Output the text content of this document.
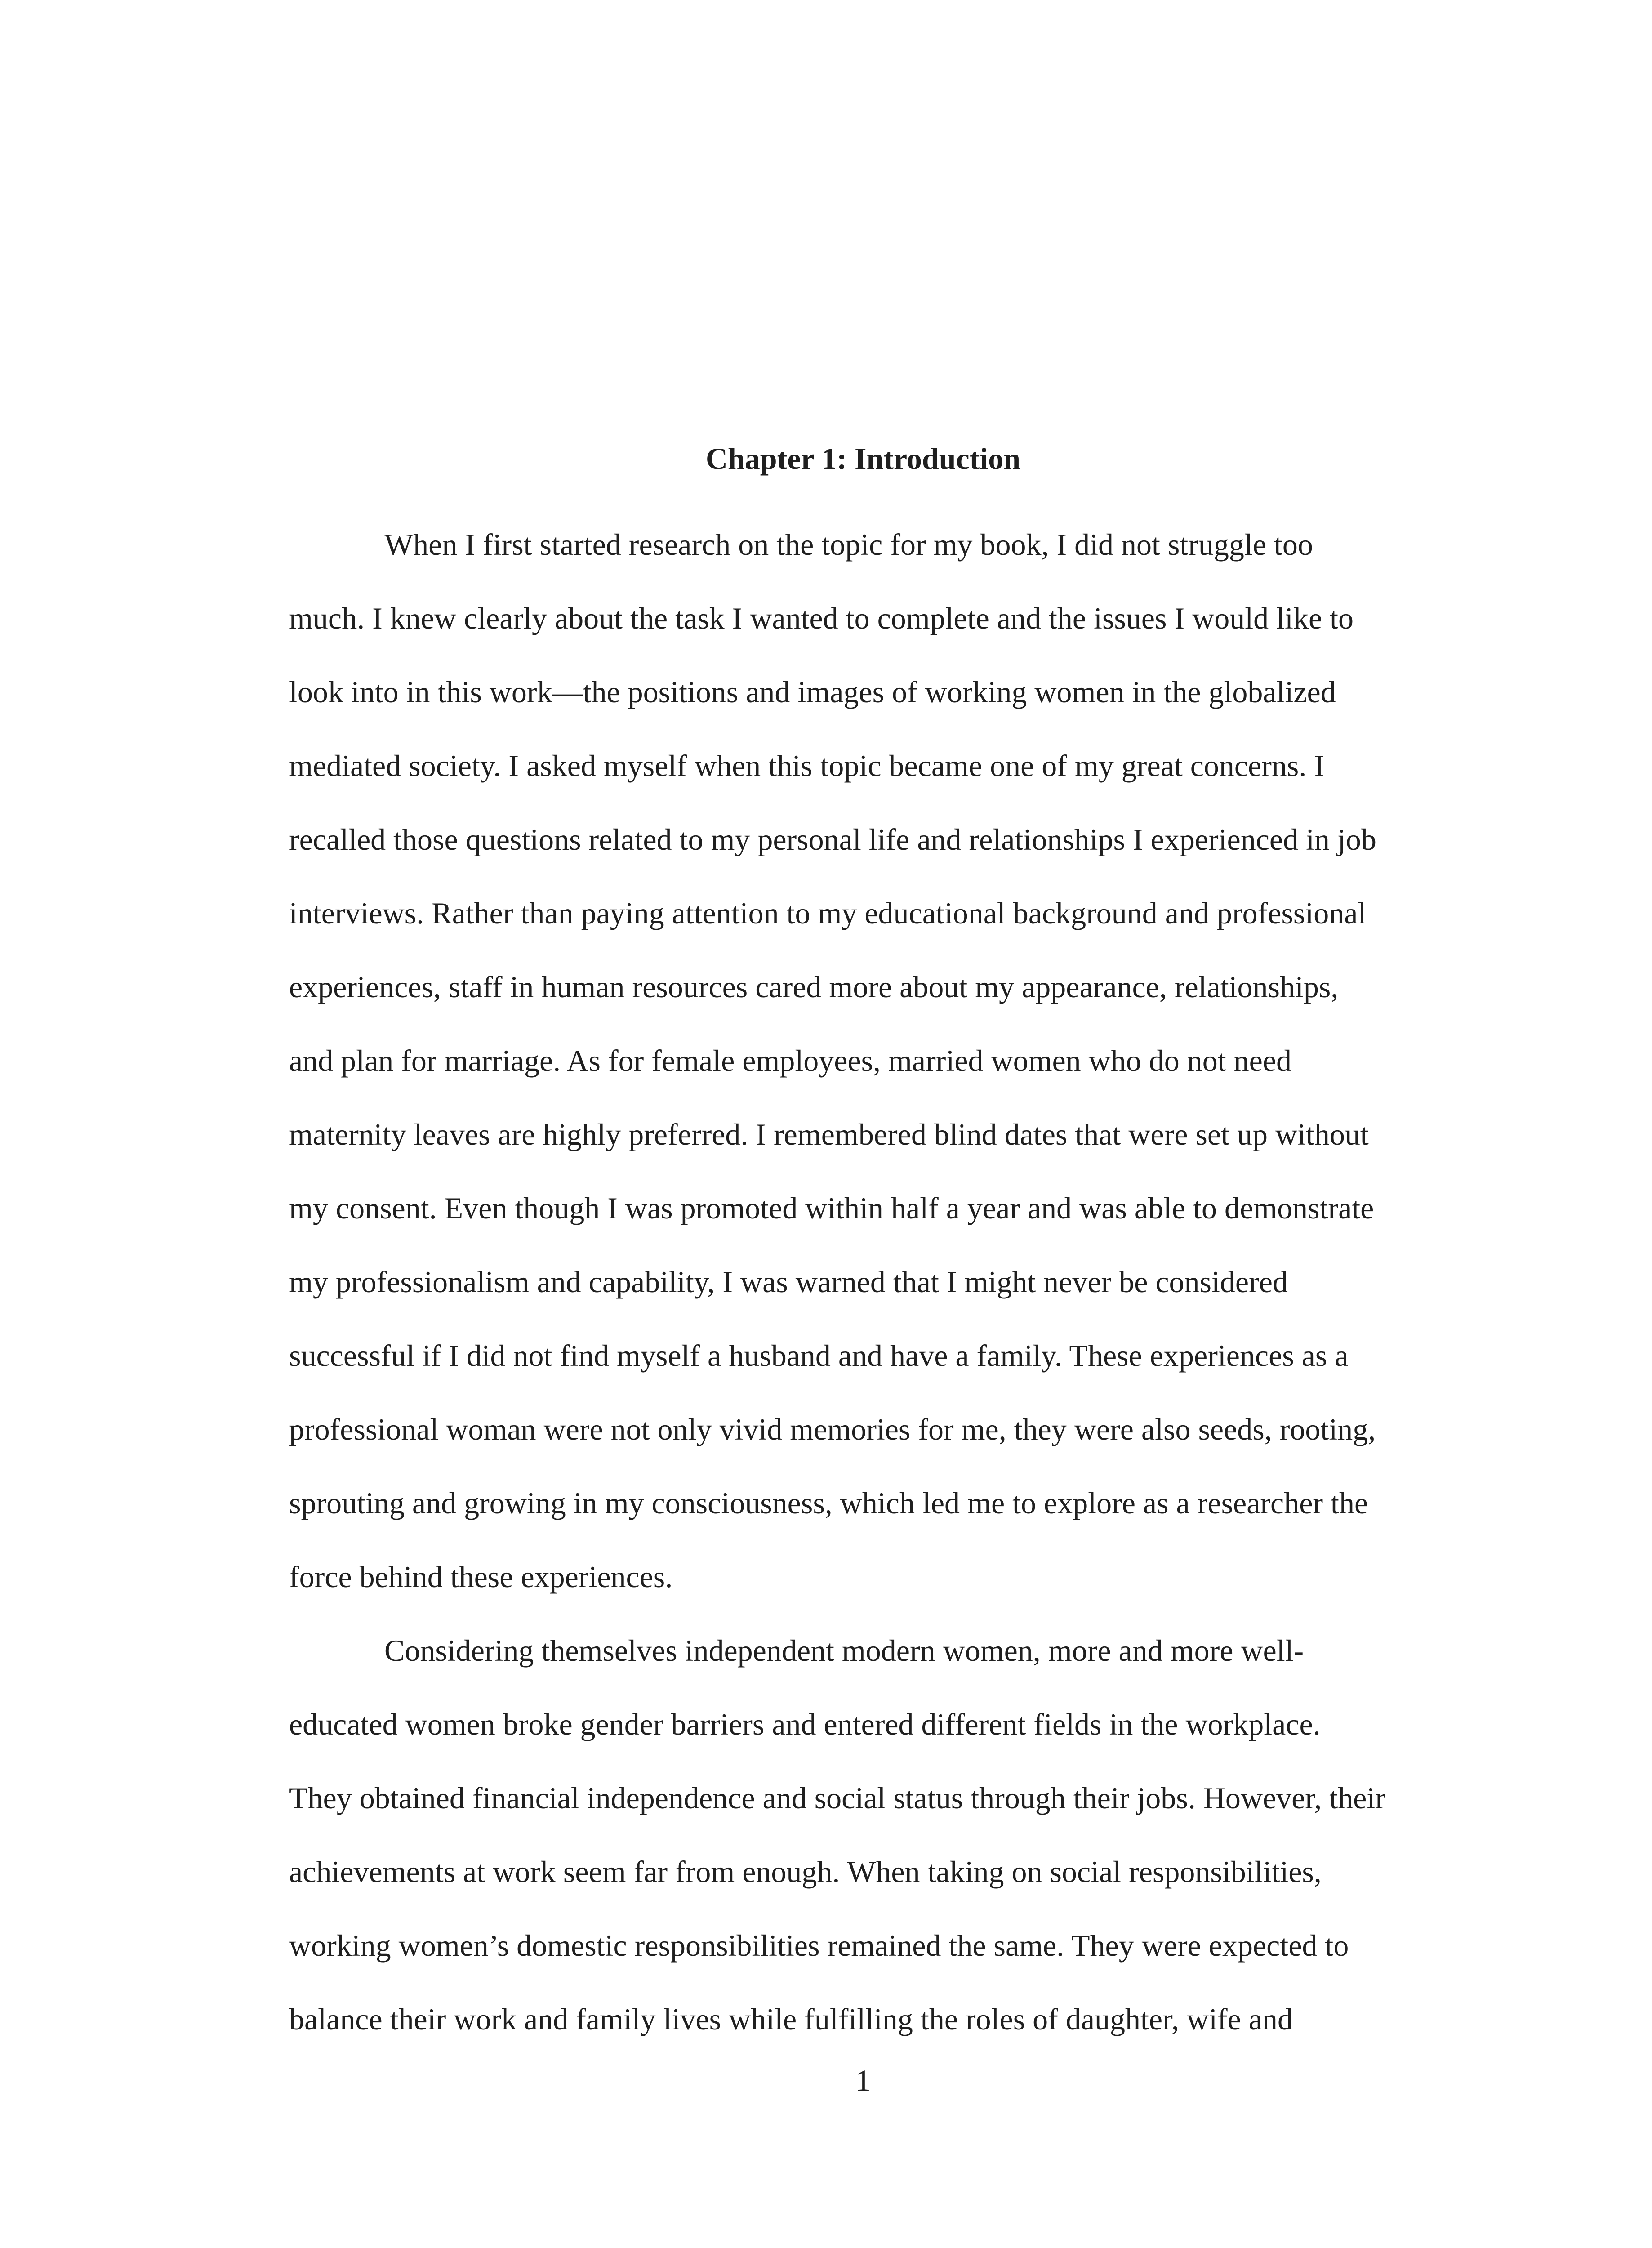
Chapter 1: Introduction
When I first started research on the topic for my book, I did not struggle too
much. I knew clearly about the task I wanted to complete and the issues I would like to
look into in this work—the positions and images of working women in the globalized
mediated society. I asked myself when this topic became one of my great concerns. I
recalled those questions related to my personal life and relationships I experienced in job
interviews. Rather than paying attention to my educational background and professional
experiences, staff in human resources cared more about my appearance, relationships,
and plan for marriage. As for female employees, married women who do not need
maternity leaves are highly preferred. I remembered blind dates that were set up without
my consent. Even though I was promoted within half a year and was able to demonstrate
my professionalism and capability, I was warned that I might never be considered
successful if I did not find myself a husband and have a family. These experiences as a
professional woman were not only vivid memories for me, they were also seeds, rooting,
sprouting and growing in my consciousness, which led me to explore as a researcher the
force behind these experiences.
Considering themselves independent modern women, more and more well-
educated women broke gender barriers and entered different fields in the workplace.
They obtained financial independence and social status through their jobs. However, their
achievements at work seem far from enough. When taking on social responsibilities,
working women’s domestic responsibilities remained the same. They were expected to
balance their work and family lives while fulfilling the roles of daughter, wife and
1
